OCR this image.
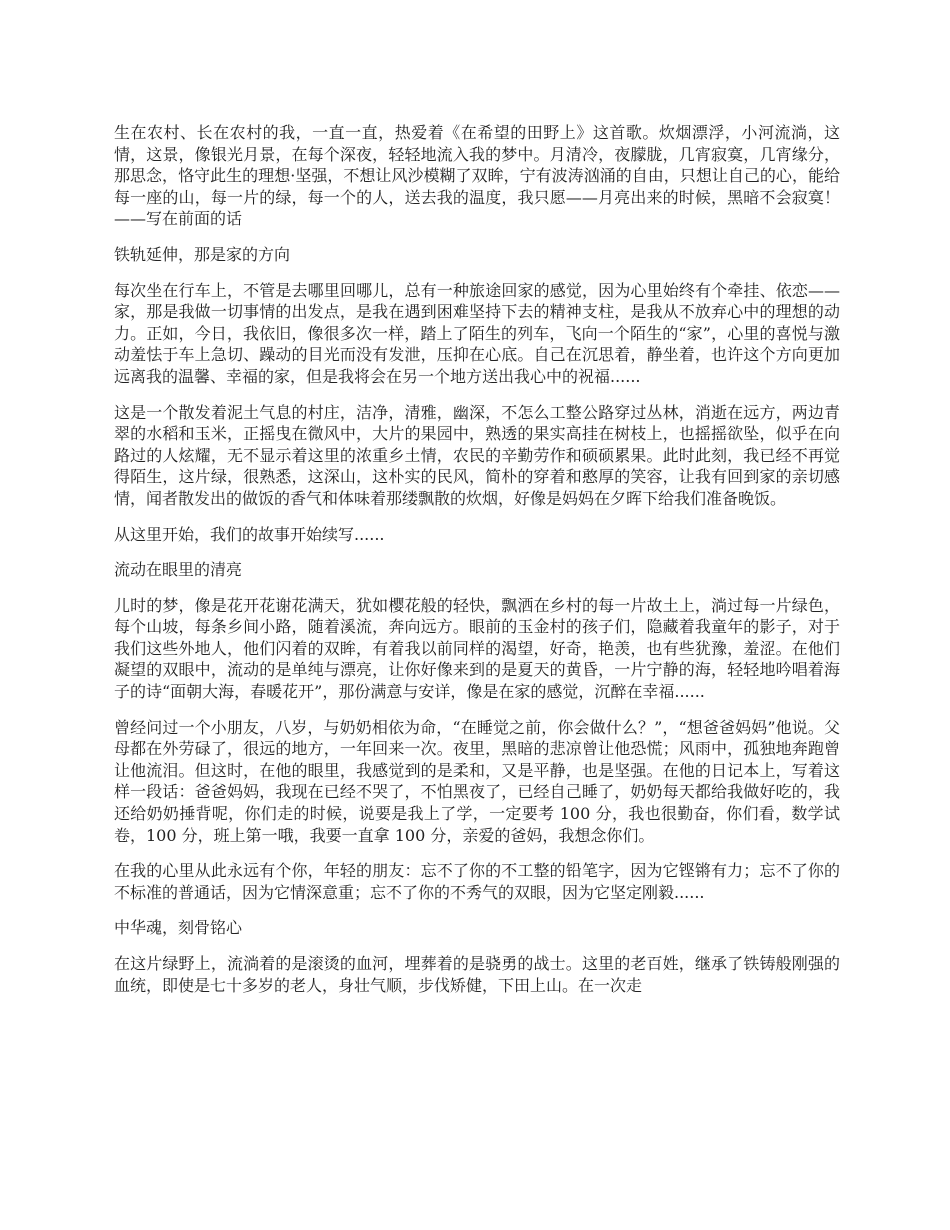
生在农村、长在农村的我，一直一直，热爱着《在希望的田野上》这首歌。炊烟漂浮，小河流淌，这情，这景，像银光月景，在每个深夜，轻轻地流入我的梦中。月清冷，夜朦胧，几宵寂寞，几宵缘分，那思念，恪守此生的理想·坚强，不想让风沙模糊了双眸，宁有波涛汹涌的自由，只想让自己的心，能给每一座的山，每一片的绿，每一个的人，送去我的温度，我只愿——月亮出来的时候，黑暗不会寂寞！——写在前面的话

铁轨延伸，那是家的方向

每次坐在行车上，不管是去哪里回哪儿，总有一种旅途回家的感觉，因为心里始终有个牵挂、依恋——家，那是我做一切事情的出发点，是我在遇到困难坚持下去的精神支柱，是我从不放弃心中的理想的动力。正如，今日，我依旧，像很多次一样，踏上了陌生的列车，飞向一个陌生的“家”，心里的喜悦与激动羞怯于车上急切、躁动的目光而没有发泄，压抑在心底。自己在沉思着，静坐着，也许这个方向更加远离我的温馨、幸福的家，但是我将会在另一个地方送出我心中的祝福......

这是一个散发着泥土气息的村庄，洁净，清雅，幽深，不怎么工整公路穿过丛林，消逝在远方，两边青翠的水稻和玉米，正摇曳在微风中，大片的果园中，熟透的果实高挂在树枝上，也摇摇欲坠，似乎在向路过的人炫耀，无不显示着这里的浓重乡土情，农民的辛勤劳作和硕硕累果。此时此刻，我已经不再觉得陌生，这片绿，很熟悉，这深山，这朴实的民风，简朴的穿着和憨厚的笑容，让我有回到家的亲切感情，闻者散发出的做饭的香气和体味着那缕飘散的炊烟，好像是妈妈在夕晖下给我们准备晚饭。

从这里开始，我们的故事开始续写......

流动在眼里的清亮

儿时的梦，像是花开花谢花满天，犹如樱花般的轻快，飘洒在乡村的每一片故土上，淌过每一片绿色，每个山坡，每条乡间小路，随着溪流，奔向远方。眼前的玉金村的孩子们，隐藏着我童年的影子，对于我们这些外地人，他们闪着的双眸，有着我以前同样的渴望，好奇，艳羡，也有些犹豫，羞涩。在他们凝望的双眼中，流动的是单纯与漂亮，让你好像来到的是夏天的黄昏，一片宁静的海，轻轻地吟唱着海子的诗“面朝大海，春暖花开”，那份满意与安详，像是在家的感觉，沉醉在幸福......

曾经问过一个小朋友，八岁，与奶奶相依为命，“在睡觉之前，你会做什么？”，“想爸爸妈妈”他说。父母都在外劳碌了，很远的地方，一年回来一次。夜里，黑暗的悲凉曾让他恐慌；风雨中，孤独地奔跑曾让他流泪。但这时，在他的眼里，我感觉到的是柔和，又是平静，也是坚强。在他的日记本上，写着这样一段话：爸爸妈妈，我现在已经不哭了，不怕黑夜了，已经自己睡了，奶奶每天都给我做好吃的，我还给奶奶捶背呢，你们走的时候，说要是我上了学，一定要考 100 分，我也很勤奋，你们看，数学试卷，100 分，班上第一哦，我要一直拿 100 分，亲爱的爸妈，我想念你们。

在我的心里从此永远有个你，年轻的朋友：忘不了你的不工整的铅笔字，因为它铿锵有力；忘不了你的不标准的普通话，因为它情深意重；忘不了你的不秀气的双眼，因为它坚定刚毅......

中华魂，刻骨铭心

在这片绿野上，流淌着的是滚烫的血河，埋葬着的是骁勇的战士。这里的老百姓，继承了铁铸般刚强的血统，即使是七十多岁的老人，身壮气顺，步伐矫健，下田上山。在一次走
